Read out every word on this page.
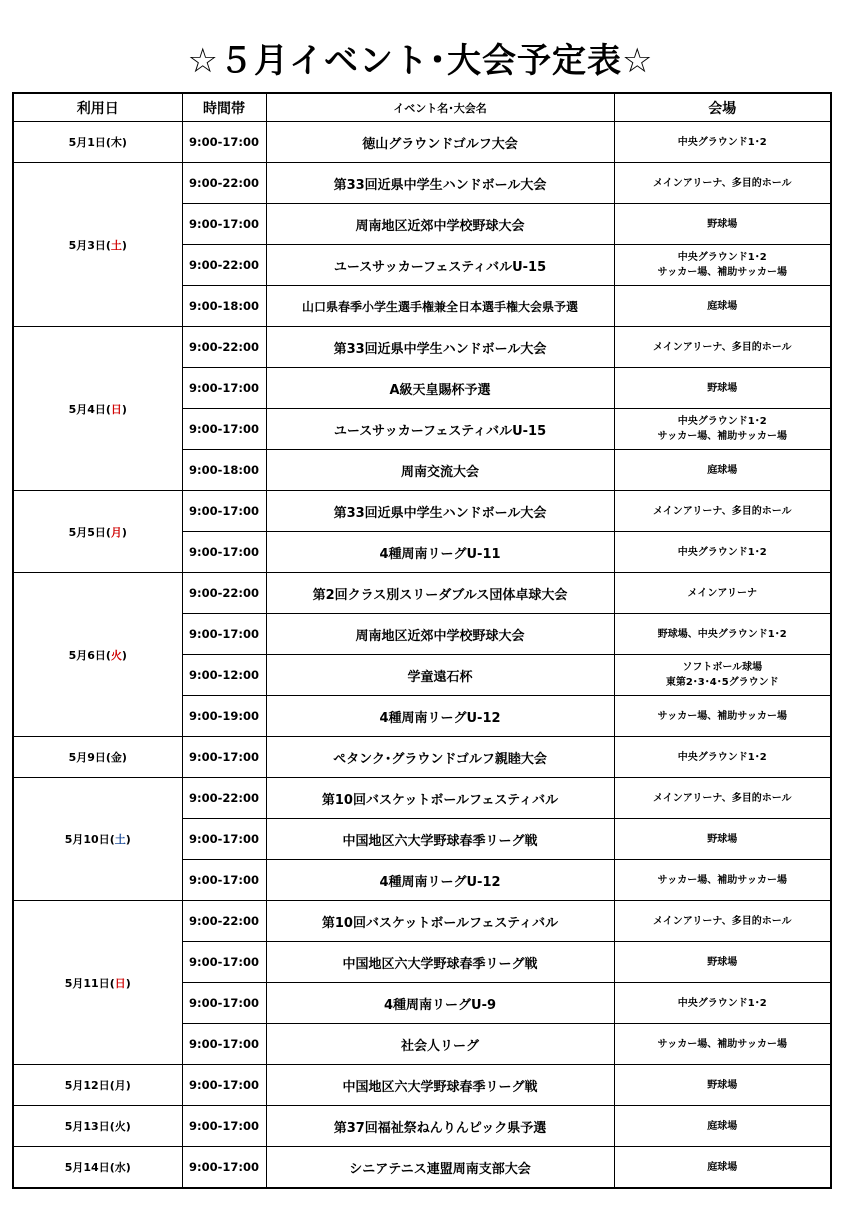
☆５月イベント･大会予定表☆
利用日	時間帯	イベント名･大会名	会場
5月1日(木)	9:00-17:00	徳山グラウンドゴルフ大会	中央グラウンド1･2

5月3日(土)	9:00-22:00	第33回近県中学生ハンドボール大会	メインアリーナ、多目的ホール

	9:00-17:00	周南地区近郊中学校野球大会	野球場

	9:00-22:00	ユースサッカーフェスティバルU-15	中央グラウンド1･2
サッカー場、補助サッカー場

	9:00-18:00	山口県春季小学生選手権兼全日本選手権大会県予選	庭球場

5月4日(日)	9:00-22:00	第33回近県中学生ハンドボール大会	メインアリーナ、多目的ホール

	9:00-17:00	A級天皇賜杯予選	野球場

	9:00-17:00	ユースサッカーフェスティバルU-15	中央グラウンド1･2
サッカー場、補助サッカー場

	9:00-18:00	周南交流大会	庭球場

5月5日(月)	9:00-17:00	第33回近県中学生ハンドボール大会	メインアリーナ、多目的ホール

	9:00-17:00	4種周南リーグU-11	中央グラウンド1･2

5月6日(火)	9:00-22:00	第2回クラス別スリーダブルス団体卓球大会	メインアリーナ

	9:00-17:00	周南地区近郊中学校野球大会	野球場、中央グラウンド1･2

	9:00-12:00	学童遠石杯	ソフトボール球場
東第2･3･4･5グラウンド

	9:00-19:00	4種周南リーグU-12	サッカー場、補助サッカー場

5月9日(金)	9:00-17:00	ペタンク･グラウンドゴルフ親睦大会	中央グラウンド1･2

5月10日(土)	9:00-22:00	第10回バスケットボールフェスティバル	メインアリーナ、多目的ホール

	9:00-17:00	中国地区六大学野球春季リーグ戦	野球場

	9:00-17:00	4種周南リーグU-12	サッカー場、補助サッカー場

5月11日(日)	9:00-22:00	第10回バスケットボールフェスティバル	メインアリーナ、多目的ホール

	9:00-17:00	中国地区六大学野球春季リーグ戦	野球場

	9:00-17:00	4種周南リーグU-9	中央グラウンド1･2

	9:00-17:00	社会人リーグ	サッカー場、補助サッカー場

5月12日(月)	9:00-17:00	中国地区六大学野球春季リーグ戦	野球場

5月13日(火)	9:00-17:00	第37回福祉祭ねんりんピック県予選	庭球場

5月14日(水)	9:00-17:00	シニアテニス連盟周南支部大会	庭球場
